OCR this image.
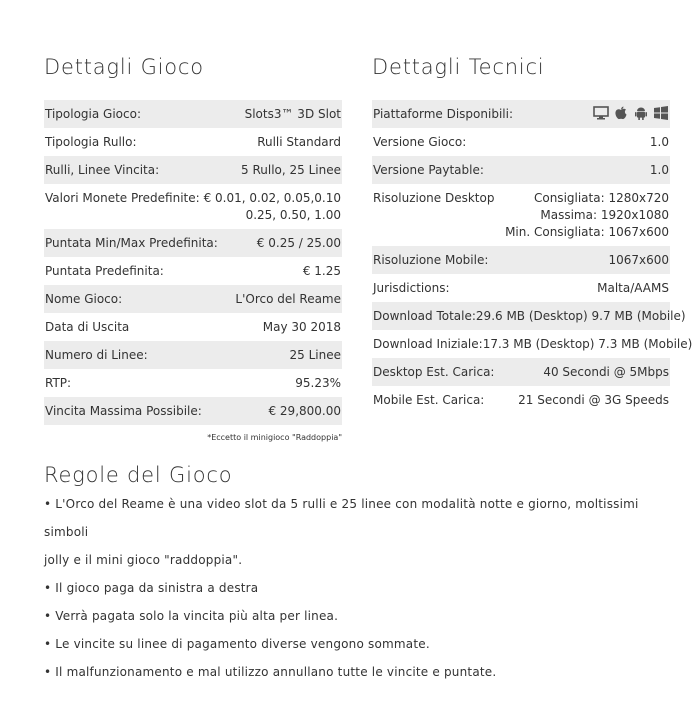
Dettagli Gioco
Tipologia Gioco:	Slots3™ 3D Slot
Tipologia Rullo:	Rulli Standard
Rulli, Linee Vincita:	5 Rullo, 25 Linee
Valori Monete Predefinite: € 0.01, 0.02, 0.05,0.10
0.25, 0.50, 1.00
Puntata Min/Max Predefinita:	€ 0.25 / 25.00
Puntata Predefinita:	€ 1.25
Nome Gioco:	L'Orco del Reame
Data di Uscita	May 30 2018
Numero di Linee:	25 Linee
RTP:	95.23%
Vincita Massima Possibile:	€ 29,800.00
*Eccetto il minigioco "Raddoppia"
Dettagli Tecnici
Piattaforme Disponibili:
Versione Gioco:	1.0
Versione Paytable:	1.0
Risoluzione Desktop	Consigliata: 1280x720
Massima: 1920x1080
Min. Consigliata: 1067x600
Risoluzione Mobile:	1067x600
Jurisdictions:	Malta/AAMS
Download Totale: 29.6 MB (Desktop) 9.7 MB (Mobile)
Download Iniziale: 17.3 MB (Desktop) 7.3 MB (Mobile)
Desktop Est. Carica:	40 Secondi @ 5Mbps
Mobile Est. Carica:	21 Secondi @ 3G Speeds
Regole del Gioco

• L'Orco del Reame è una video slot da 5 rulli e 25 linee con modalità notte e giorno, moltissimi simboli

jolly e il mini gioco "raddoppia".

• Il gioco paga da sinistra a destra

• Verrà pagata solo la vincita più alta per linea.

• Le vincite su linee di pagamento diverse vengono sommate.

• Il malfunzionamento e mal utilizzo annullano tutte le vincite e puntate.
